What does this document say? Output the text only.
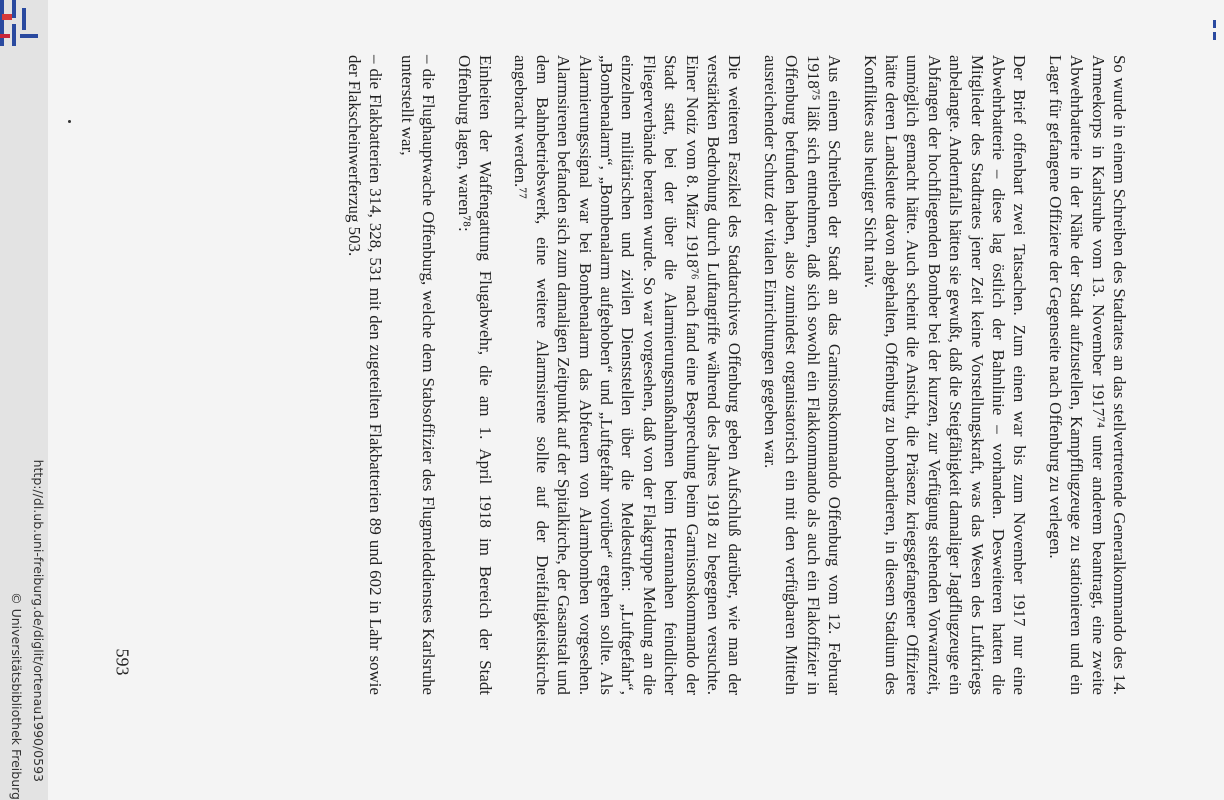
http://dl.ub.uni-freiburg.de/diglit/ortenau1990/0593
© Universitätsbibliothek Freiburg

So wurde in einem Schreiben des Stadrates an das stellvertretende Generalkommando des 14. Armeekorps in Karlsruhe vom 13. November 1917⁷⁴ unter anderem beantragt, eine zweite Abwehrbatterie in der Nähe der Stadt aufzustellen, Kampfflugzeuge zu stationieren und ein Lager für gefangene Offiziere der Gegenseite nach Offenburg zu verlegen.

Der Brief offenbart zwei Tatsachen. Zum einen war bis zum November 1917 nur eine Abwehrbatterie – diese lag östlich der Bahnlinie – vorhanden. Desweiteren hatten die Mitglieder des Stadtrates jener Zeit keine Vorstellungskraft, was das Wesen des Luftkriegs anbelangte. Andernfalls hätten sie gewußt, daß die Steigfähigkeit damaliger Jagdflugzeuge ein Abfangen der hochfliegenden Bomber bei der kurzen, zur Verfügung stehenden Vorwarnzeit, unmöglich gemacht hätte. Auch scheint die Ansicht, die Präsenz kriegsgefangener Offiziere hätte deren Landsleute davon abgehalten, Offenburg zu bombardieren, in diesem Stadium des Konfliktes aus heutiger Sicht naiv.

Aus einem Schreiben der Stadt an das Garnisonskommando Offenburg vom 12. Februar 1918⁷⁵ läßt sich entnehmen, daß sich sowohl ein Flakkommando als auch ein Flakoffizier in Offenburg befunden haben, also zumindest organisatorisch ein mit den verfügbaren Mitteln ausreichender Schutz der vitalen Einrichtungen gegeben war.

Die weiteren Faszikel des Stadtarchives Offenburg geben Aufschluß darüber, wie man der verstärkten Bedrohung durch Luftangriffe während des Jahres 1918 zu begegnen versuchte. Einer Notiz vom 8. März 1918⁷⁶ nach fand eine Besprechung beim Garnisonskommando der Stadt statt, bei der über die Alarmierungsmaßnahmen beim Herannahen feindlicher Fliegerverbände beraten wurde. So war vorgesehen, daß von der Flakgruppe Meldung an die einzelnen militärischen und zivilen Dienststellen über die Meldestufen: „Luftgefahr“, „Bombenalarm“, „Bombenalarm aufgehoben“ und „Luftgefahr vorüber“ ergehen sollte. Als Alarmierungssignal war bei Bombenalarm das Abfeuern von Alarmbomben vorgesehen. Alarmsirenen befanden sich zum damaligen Zeitpunkt auf der Spitalkirche, der Gasanstalt und dem Bahnbetriebswerk, eine weitere Alarmsirene sollte auf der Dreifaltigkeitskirche angebracht werden.⁷⁷

Einheiten der Waffengattung Flugabwehr, die am 1. April 1918 im Bereich der Stadt Offenburg lagen, waren⁷⁸:

– die Flughauptwache Offenburg, welche dem Stabsoffizier des Flugmeldedienstes Karlsruhe unterstellt war,

– die Flakbatterien 314, 328, 531 mit den zugeteilten Flakbatterien 89 und 602 in Lahr sowie der Flakscheinwerferzug 503.

593
